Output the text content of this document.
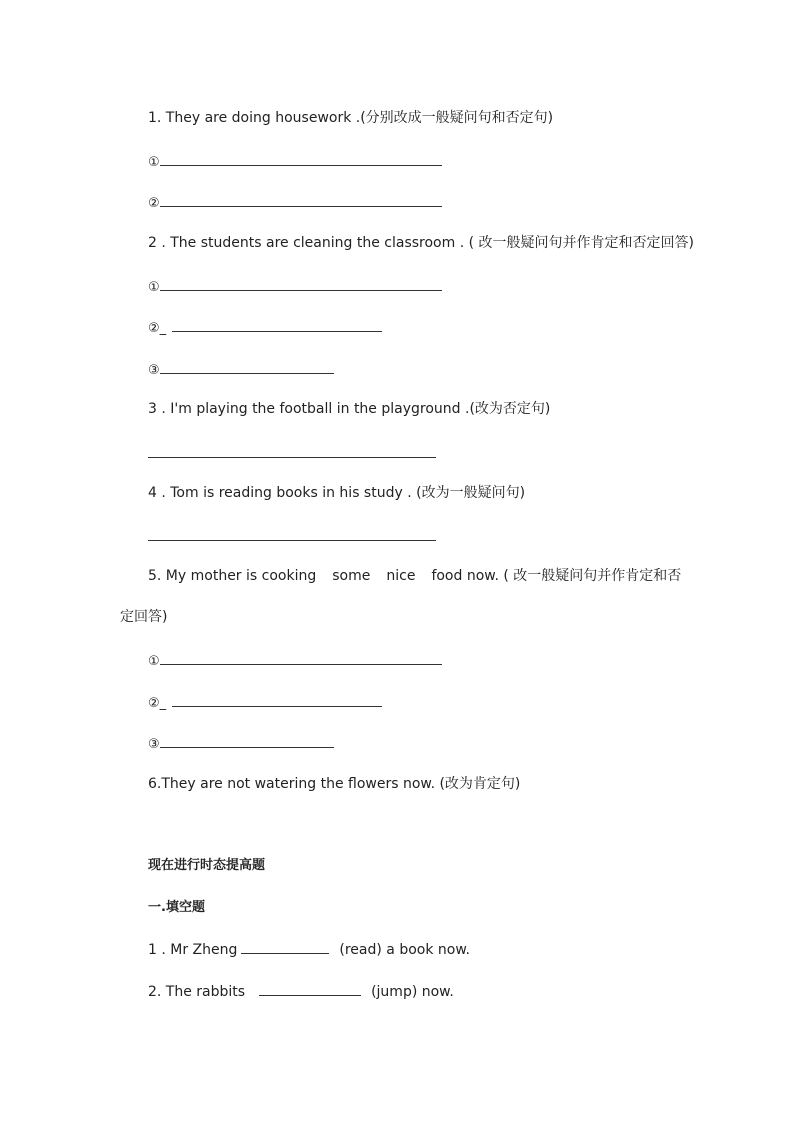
1. They are doing housework .(分别改成一般疑问句和否定句)
①
②
2 . The students are cleaning the classroom . ( 改一般疑问句并作肯定和否定回答)
①
②_
③
3 . I'm playing the football in the playground .(改为否定句)
4 . Tom is reading books in his study . (改为一般疑问句)
5. My mother is cooking some nice food now. ( 改一般疑问句并作肯定和否
定回答)
①
②_
③
6.They are not watering the flowers now. (改为肯定句)
现在进行时态提高题
一.填空题
1 . Mr Zheng	(read) a book now.
2. The rabbits	(jump) now.
